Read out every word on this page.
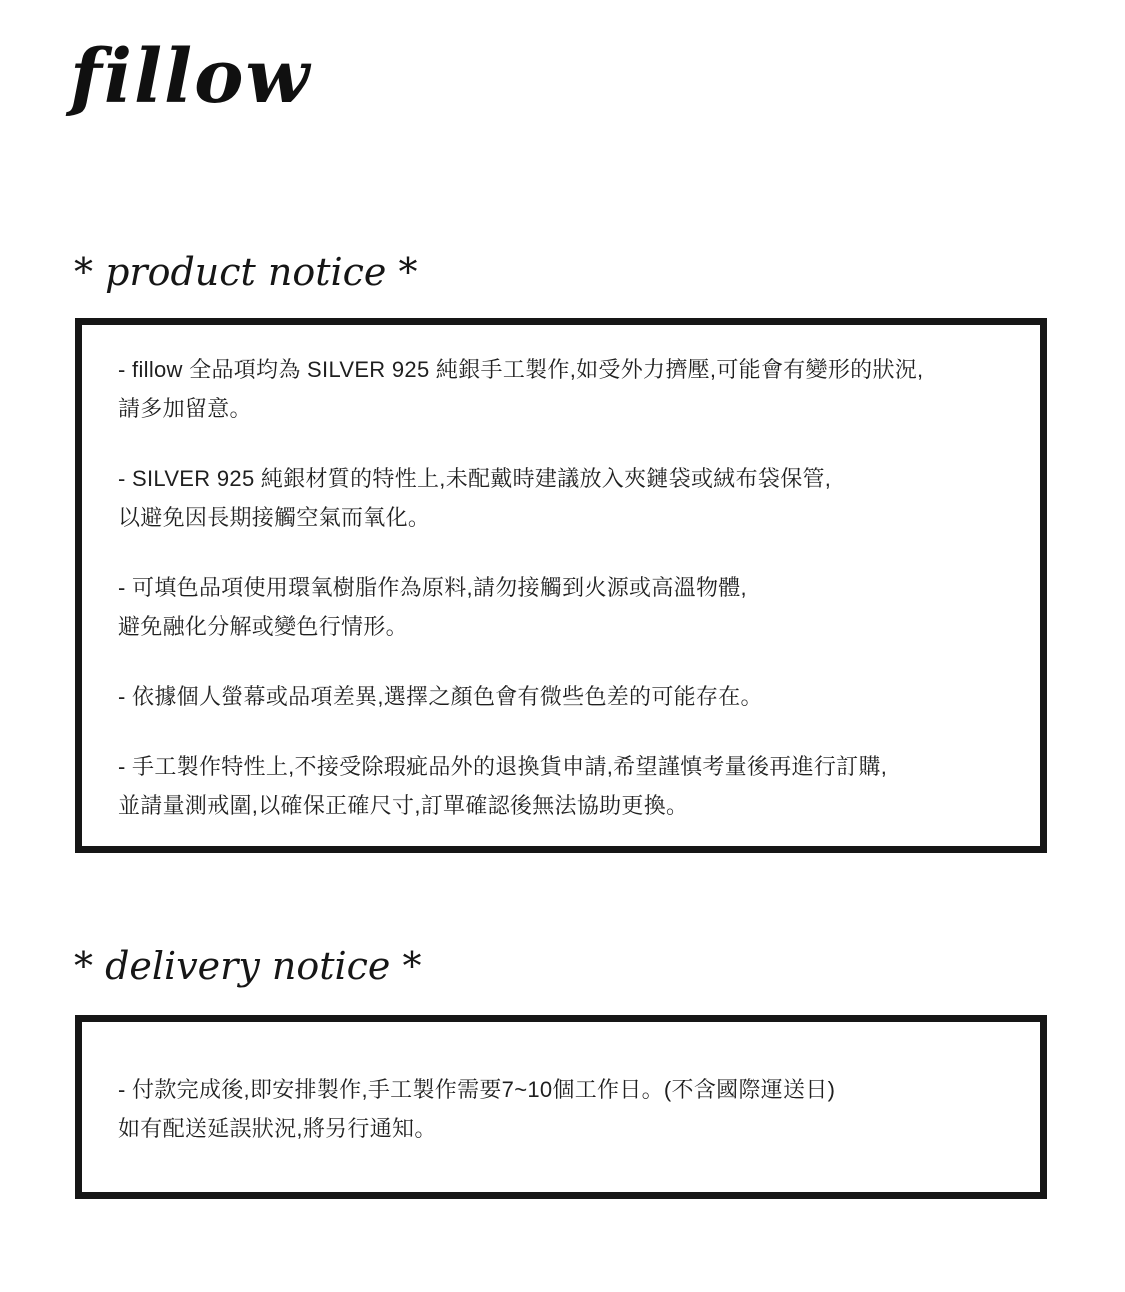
fillow
* product notice *

- fillow 全品項均為 SILVER 925 純銀手工製作,如受外力擠壓,可能會有變形的狀況,
請多加留意。

- SILVER 925 純銀材質的特性上,未配戴時建議放入夾鏈袋或絨布袋保管,
以避免因長期接觸空氣而氧化。

- 可填色品項使用環氧樹脂作為原料,請勿接觸到火源或高溫物體,
避免融化分解或變色行情形。

- 依據個人螢幕或品項差異,選擇之顏色會有微些色差的可能存在。

- 手工製作特性上,不接受除瑕疵品外的退換貨申請,希望謹慎考量後再進行訂購,
並請量測戒圍,以確保正確尺寸,訂單確認後無法協助更換。

* delivery notice *

- 付款完成後,即安排製作,手工製作需要7~10個工作日。(不含國際運送日)
如有配送延誤狀況,將另行通知。
